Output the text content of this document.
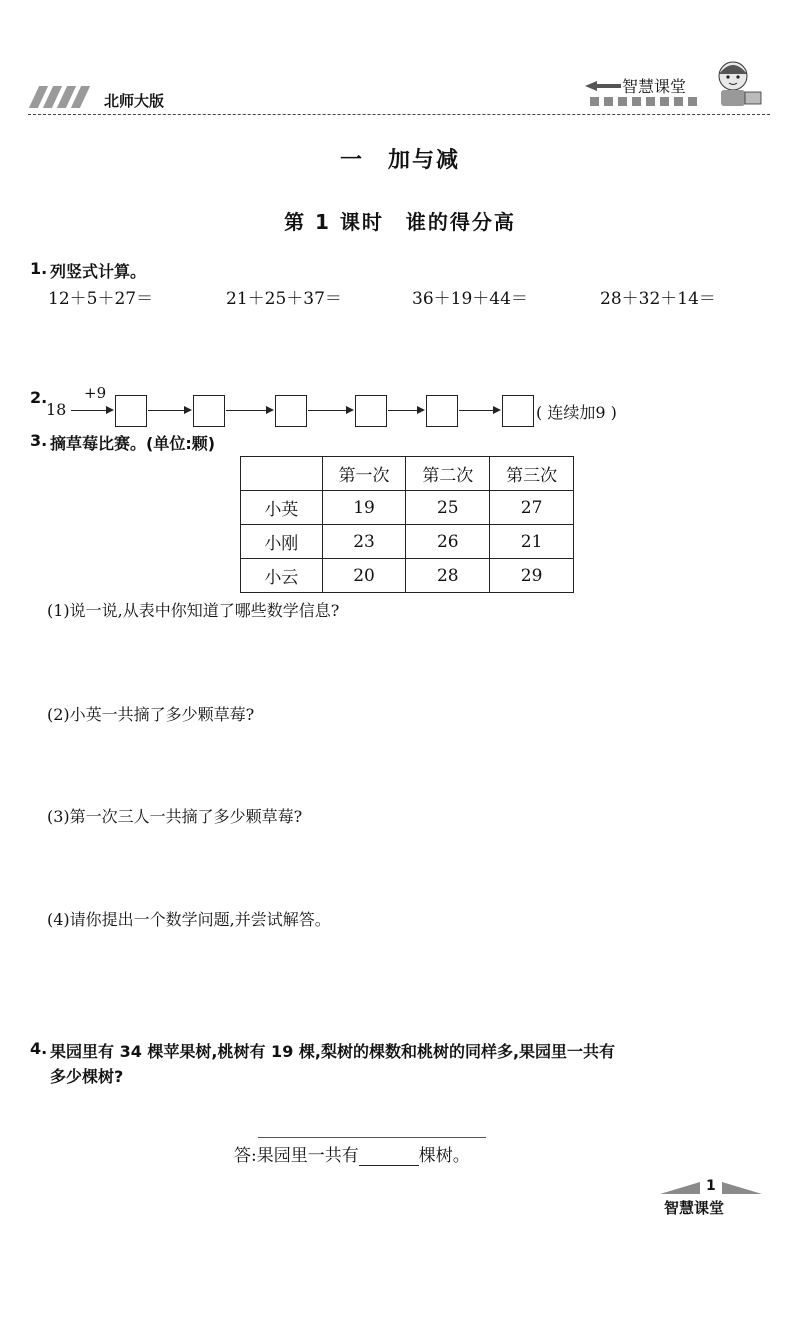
北师大版
智慧课堂
一　加与减
第 1 课时　谁的得分高
1. 列竖式计算。
12＋5＋27＝	21＋25＋37＝	36＋19＋44＝	28＋32＋14＝
2.
18
+9
( 连续加9 )
3. 摘草莓比赛。(单位:颗)
	第一次	第二次	第三次
小英	19	25	27
小刚	23	26	21
小云	20	28	29
(1)说一说,从表中你知道了哪些数学信息?
(2)小英一共摘了多少颗草莓?
(3)第一次三人一共摘了多少颗草莓?
(4)请你提出一个数学问题,并尝试解答。
4. 果园里有 34 棵苹果树,桃树有 19 棵,梨树的棵数和桃树的同样多,果园里一共有
多少棵树?
答:果园里一共有	棵树。
1
智慧课堂
